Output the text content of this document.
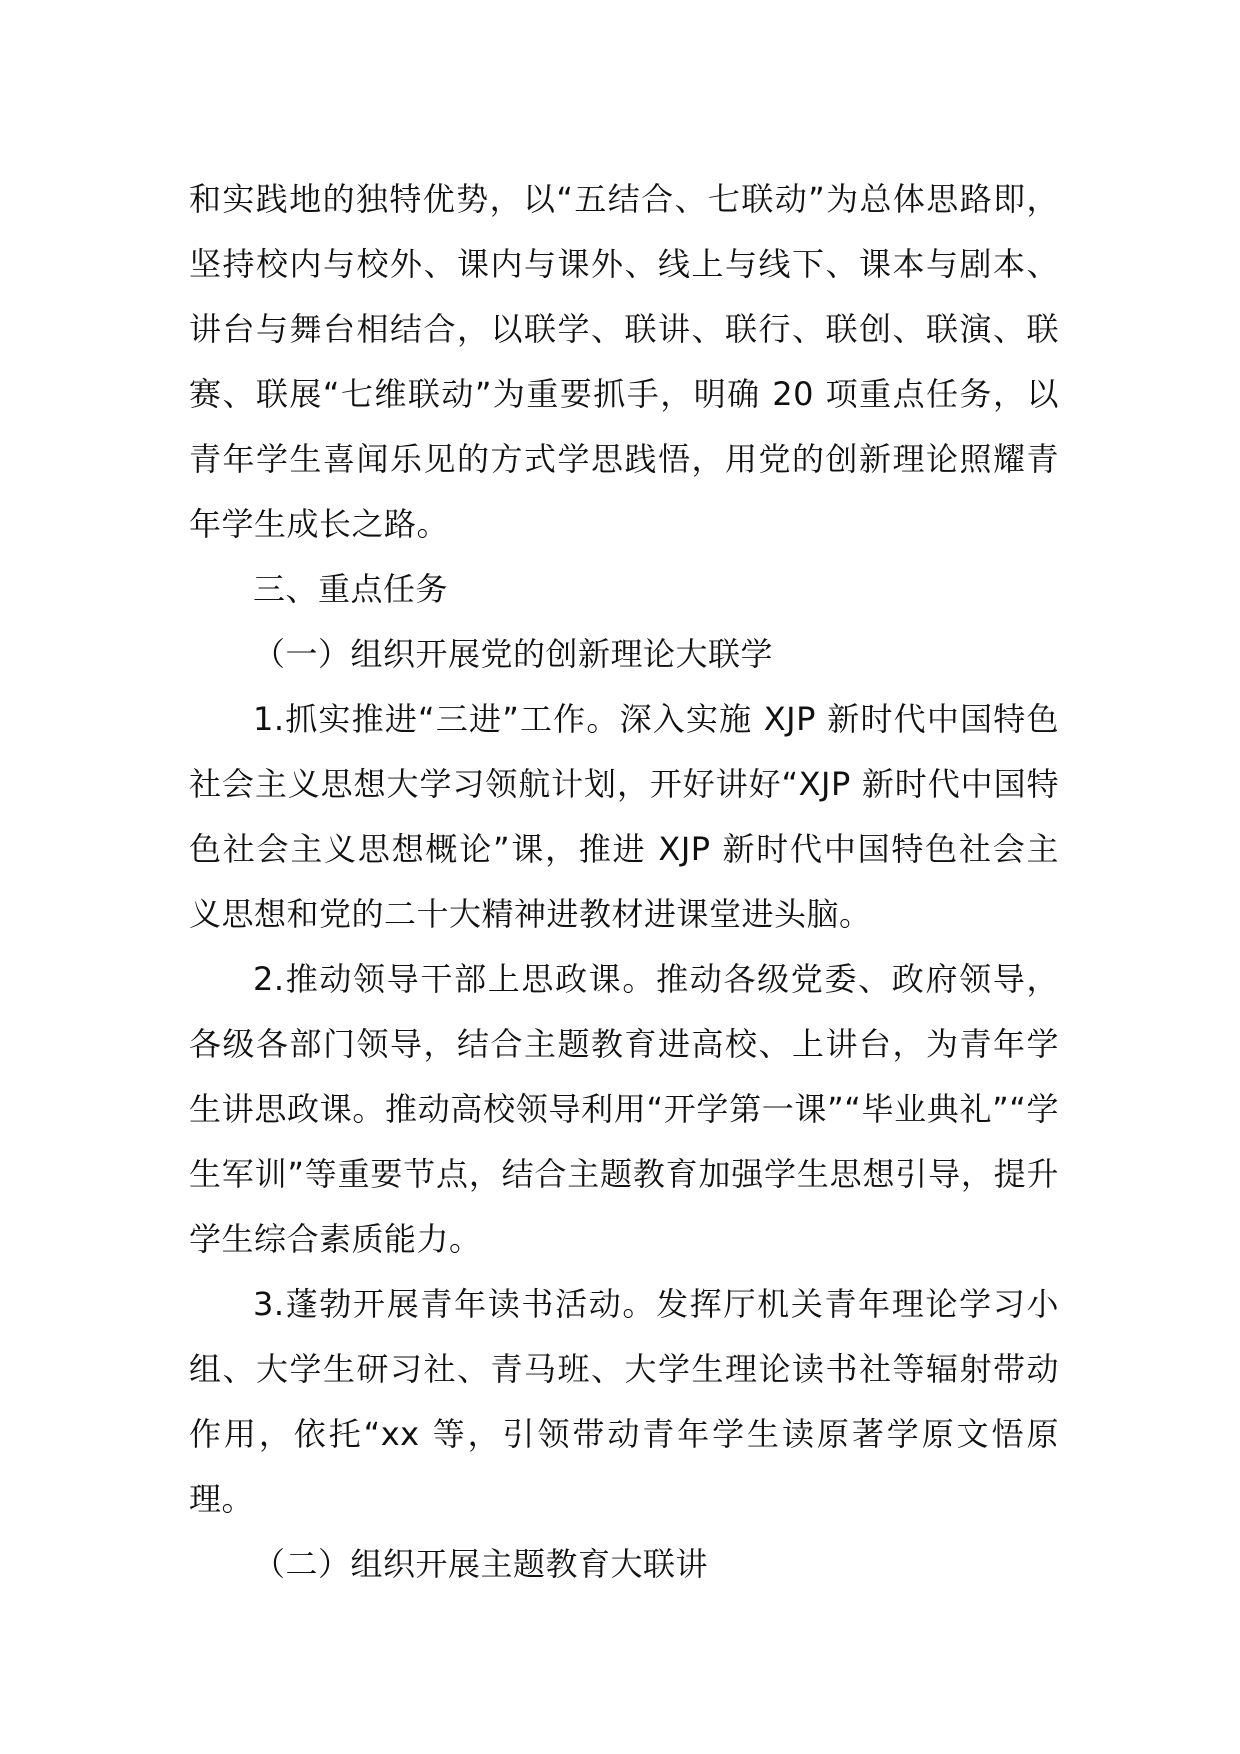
和实践地的独特优势，以“五结合、七联动”为总体思路即，坚持校内与校外、课内与课外、线上与线下、课本与剧本、讲台与舞台相结合，以联学、联讲、联行、联创、联演、联赛、联展“七维联动”为重要抓手，明确 20 项重点任务，以青年学生喜闻乐见的方式学思践悟，用党的创新理论照耀青年学生成长之路。

三、重点任务

（一）组织开展党的创新理论大联学

1.抓实推进“三进”工作。深入实施 XJP 新时代中国特色社会主义思想大学习领航计划，开好讲好“XJP 新时代中国特色社会主义思想概论”课，推进 XJP 新时代中国特色社会主义思想和党的二十大精神进教材进课堂进头脑。

2.推动领导干部上思政课。推动各级党委、政府领导，各级各部门领导，结合主题教育进高校、上讲台，为青年学生讲思政课。推动高校领导利用“开学第一课”“毕业典礼”“学生军训”等重要节点，结合主题教育加强学生思想引导，提升学生综合素质能力。

3.蓬勃开展青年读书活动。发挥厅机关青年理论学习小组、大学生研习社、青马班、大学生理论读书社等辐射带动作用，依托“xx 等，引领带动青年学生读原著学原文悟原理。

（二）组织开展主题教育大联讲
